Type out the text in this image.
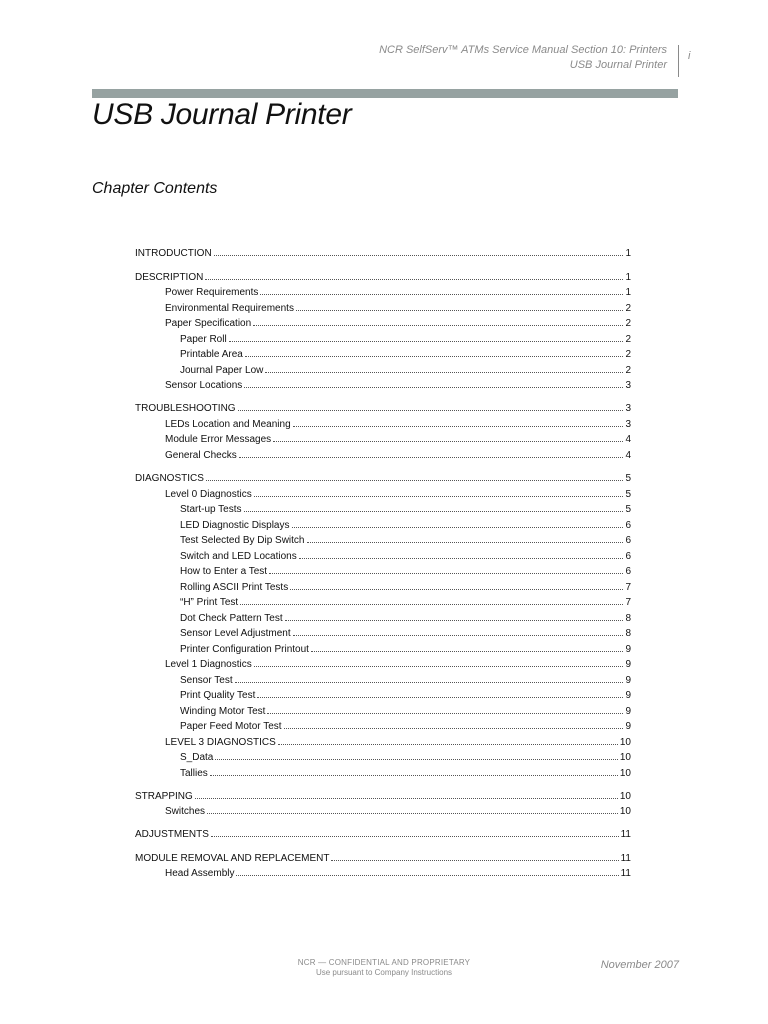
NCR SelfServ™ ATMs Service Manual Section 10: Printers
USB Journal Printer
i
USB Journal Printer
Chapter Contents
INTRODUCTION	1
DESCRIPTION	1
Power Requirements	1
Environmental Requirements	2
Paper Specification	2
Paper Roll	2
Printable Area	2
Journal Paper Low	2
Sensor Locations	3
TROUBLESHOOTING	3
LEDs Location and Meaning	3
Module Error Messages	4
General Checks	4
DIAGNOSTICS	5
Level 0 Diagnostics	5
Start-up Tests	5
LED Diagnostic Displays	6
Test Selected By Dip Switch	6
Switch and LED Locations	6
How to Enter a Test	6
Rolling ASCII Print Tests	7
“H” Print Test	7
Dot Check Pattern Test	8
Sensor Level Adjustment	8
Printer Configuration Printout	9
Level 1 Diagnostics	9
Sensor Test	9
Print Quality Test	9
Winding Motor Test	9
Paper Feed Motor Test	9
LEVEL 3 DIAGNOSTICS	10
S_Data	10
Tallies	10
STRAPPING	10
Switches	10
ADJUSTMENTS	11
MODULE REMOVAL AND REPLACEMENT	11
Head Assembly	11
NCR — CONFIDENTIAL AND PROPRIETARY
Use pursuant to Company Instructions
November 2007
